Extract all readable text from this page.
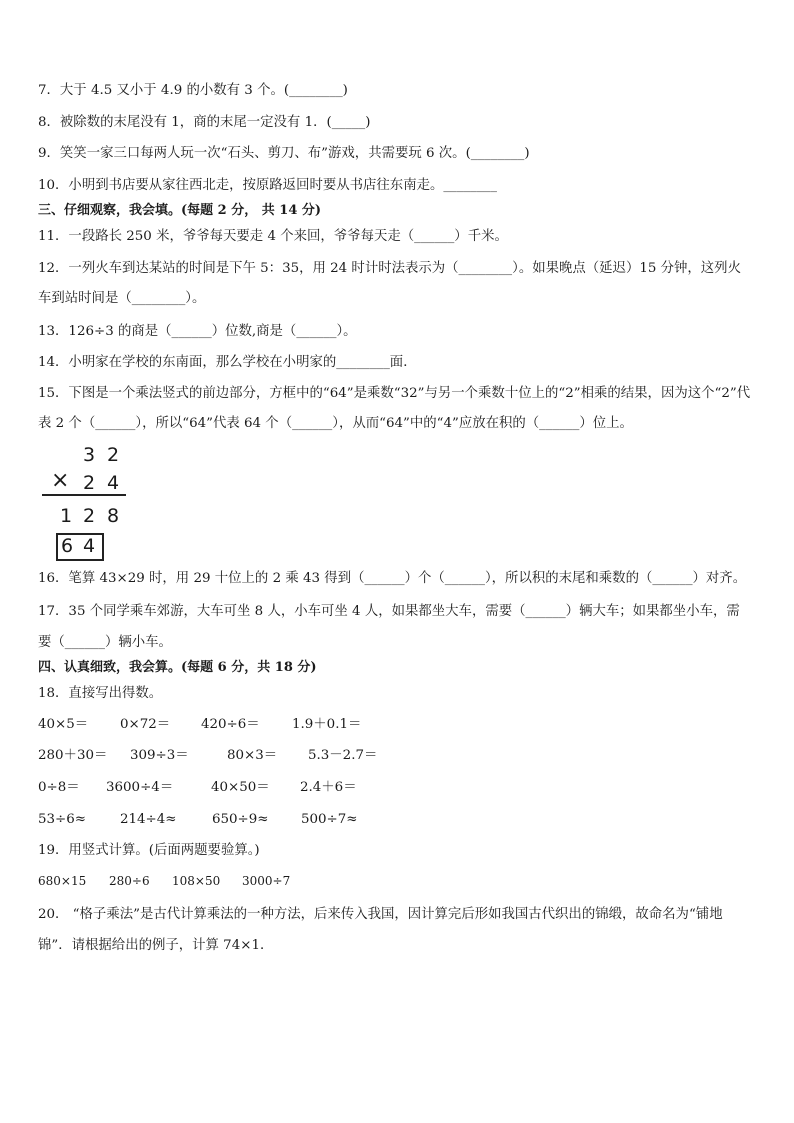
7．大于 4.5 又小于 4.9 的小数有 3 个。(________)
8．被除数的末尾没有 1，商的末尾一定没有 1．(_____)
9．笑笑一家三口每两人玩一次“石头、剪刀、布”游戏，共需要玩 6 次。(________)
10．小明到书店要从家往西北走，按原路返回时要从书店往东南走。________
三、仔细观察，我会填。(每题 2 分， 共 14 分)
11．一段路长 250 米，爷爷每天要走 4 个来回，爷爷每天走（______）千米。
12．一列火车到达某站的时间是下午 5：35，用 24 时计时法表示为（________）。如果晚点（延迟）15 分钟，这列火
车到站时间是（________）。
13．126÷3 的商是（______）位数,商是（______）。
14．小明家在学校的东南面，那么学校在小明家的________面．
15．下图是一个乘法竖式的前边部分，方框中的“64”是乘数“32”与另一个乘数十位上的“2”相乘的结果，因为这个“2”代
表 2 个（______），所以“64”代表 64 个（______），从而“64”中的“4”应放在积的（______）位上。
3 2
× 2 4
1 2 8
6 4
16．笔算 43×29 时，用 29 十位上的 2 乘 43 得到（______）个（______），所以积的末尾和乘数的（______）对齐。
17．35 个同学乘车郊游，大车可坐 8 人，小车可坐 4 人，如果都坐大车，需要（______）辆大车；如果都坐小车，需
要（______）辆小车。
四、认真细致，我会算。(每题 6 分，共 18 分)
18．直接写出得数。
40×5＝ 0×72＝ 420÷6＝ 1.9＋0.1＝
280＋30＝ 309÷3＝	80×3＝ 5.3－2.7＝
0÷8＝ 3600÷4＝	40×50＝ 2.4＋6＝
53÷6≈	214÷4≈	650÷9≈ 500÷7≈
19．用竖式计算。(后面两题要验算。)
680×15 280÷6 108×50 3000÷7
20． “格子乘法”是古代计算乘法的一种方法，后来传入我国，因计算完后形如我国古代织出的锦缎，故命名为“铺地
锦”．请根据给出的例子，计算 74×1．
